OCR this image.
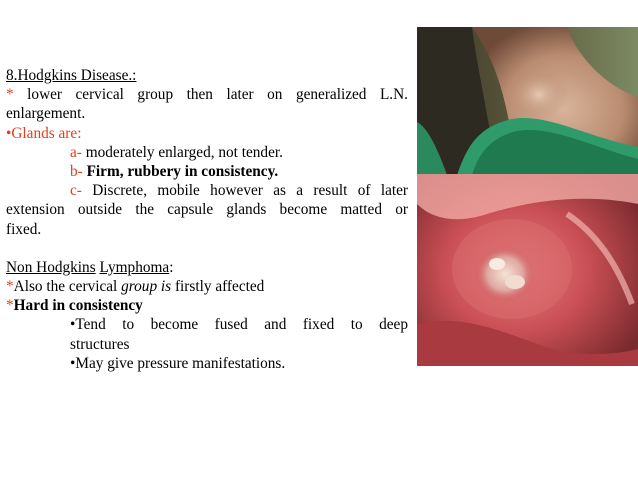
8.Hodgkins Disease.:
* lower cervical group then later on generalized L.N.
enlargement.
•Glands are:
a- moderately enlarged, not tender.
b- Firm, rubbery in consistency.
c- Discrete, mobile however as a result of later
extension outside the capsule glands become matted or
fixed.
Non Hodgkins Lymphoma:
*Also the cervical group is firstly affected
*Hard in consistency
•Tend to become fused and fixed to deep
structures
•May give pressure manifestations.
